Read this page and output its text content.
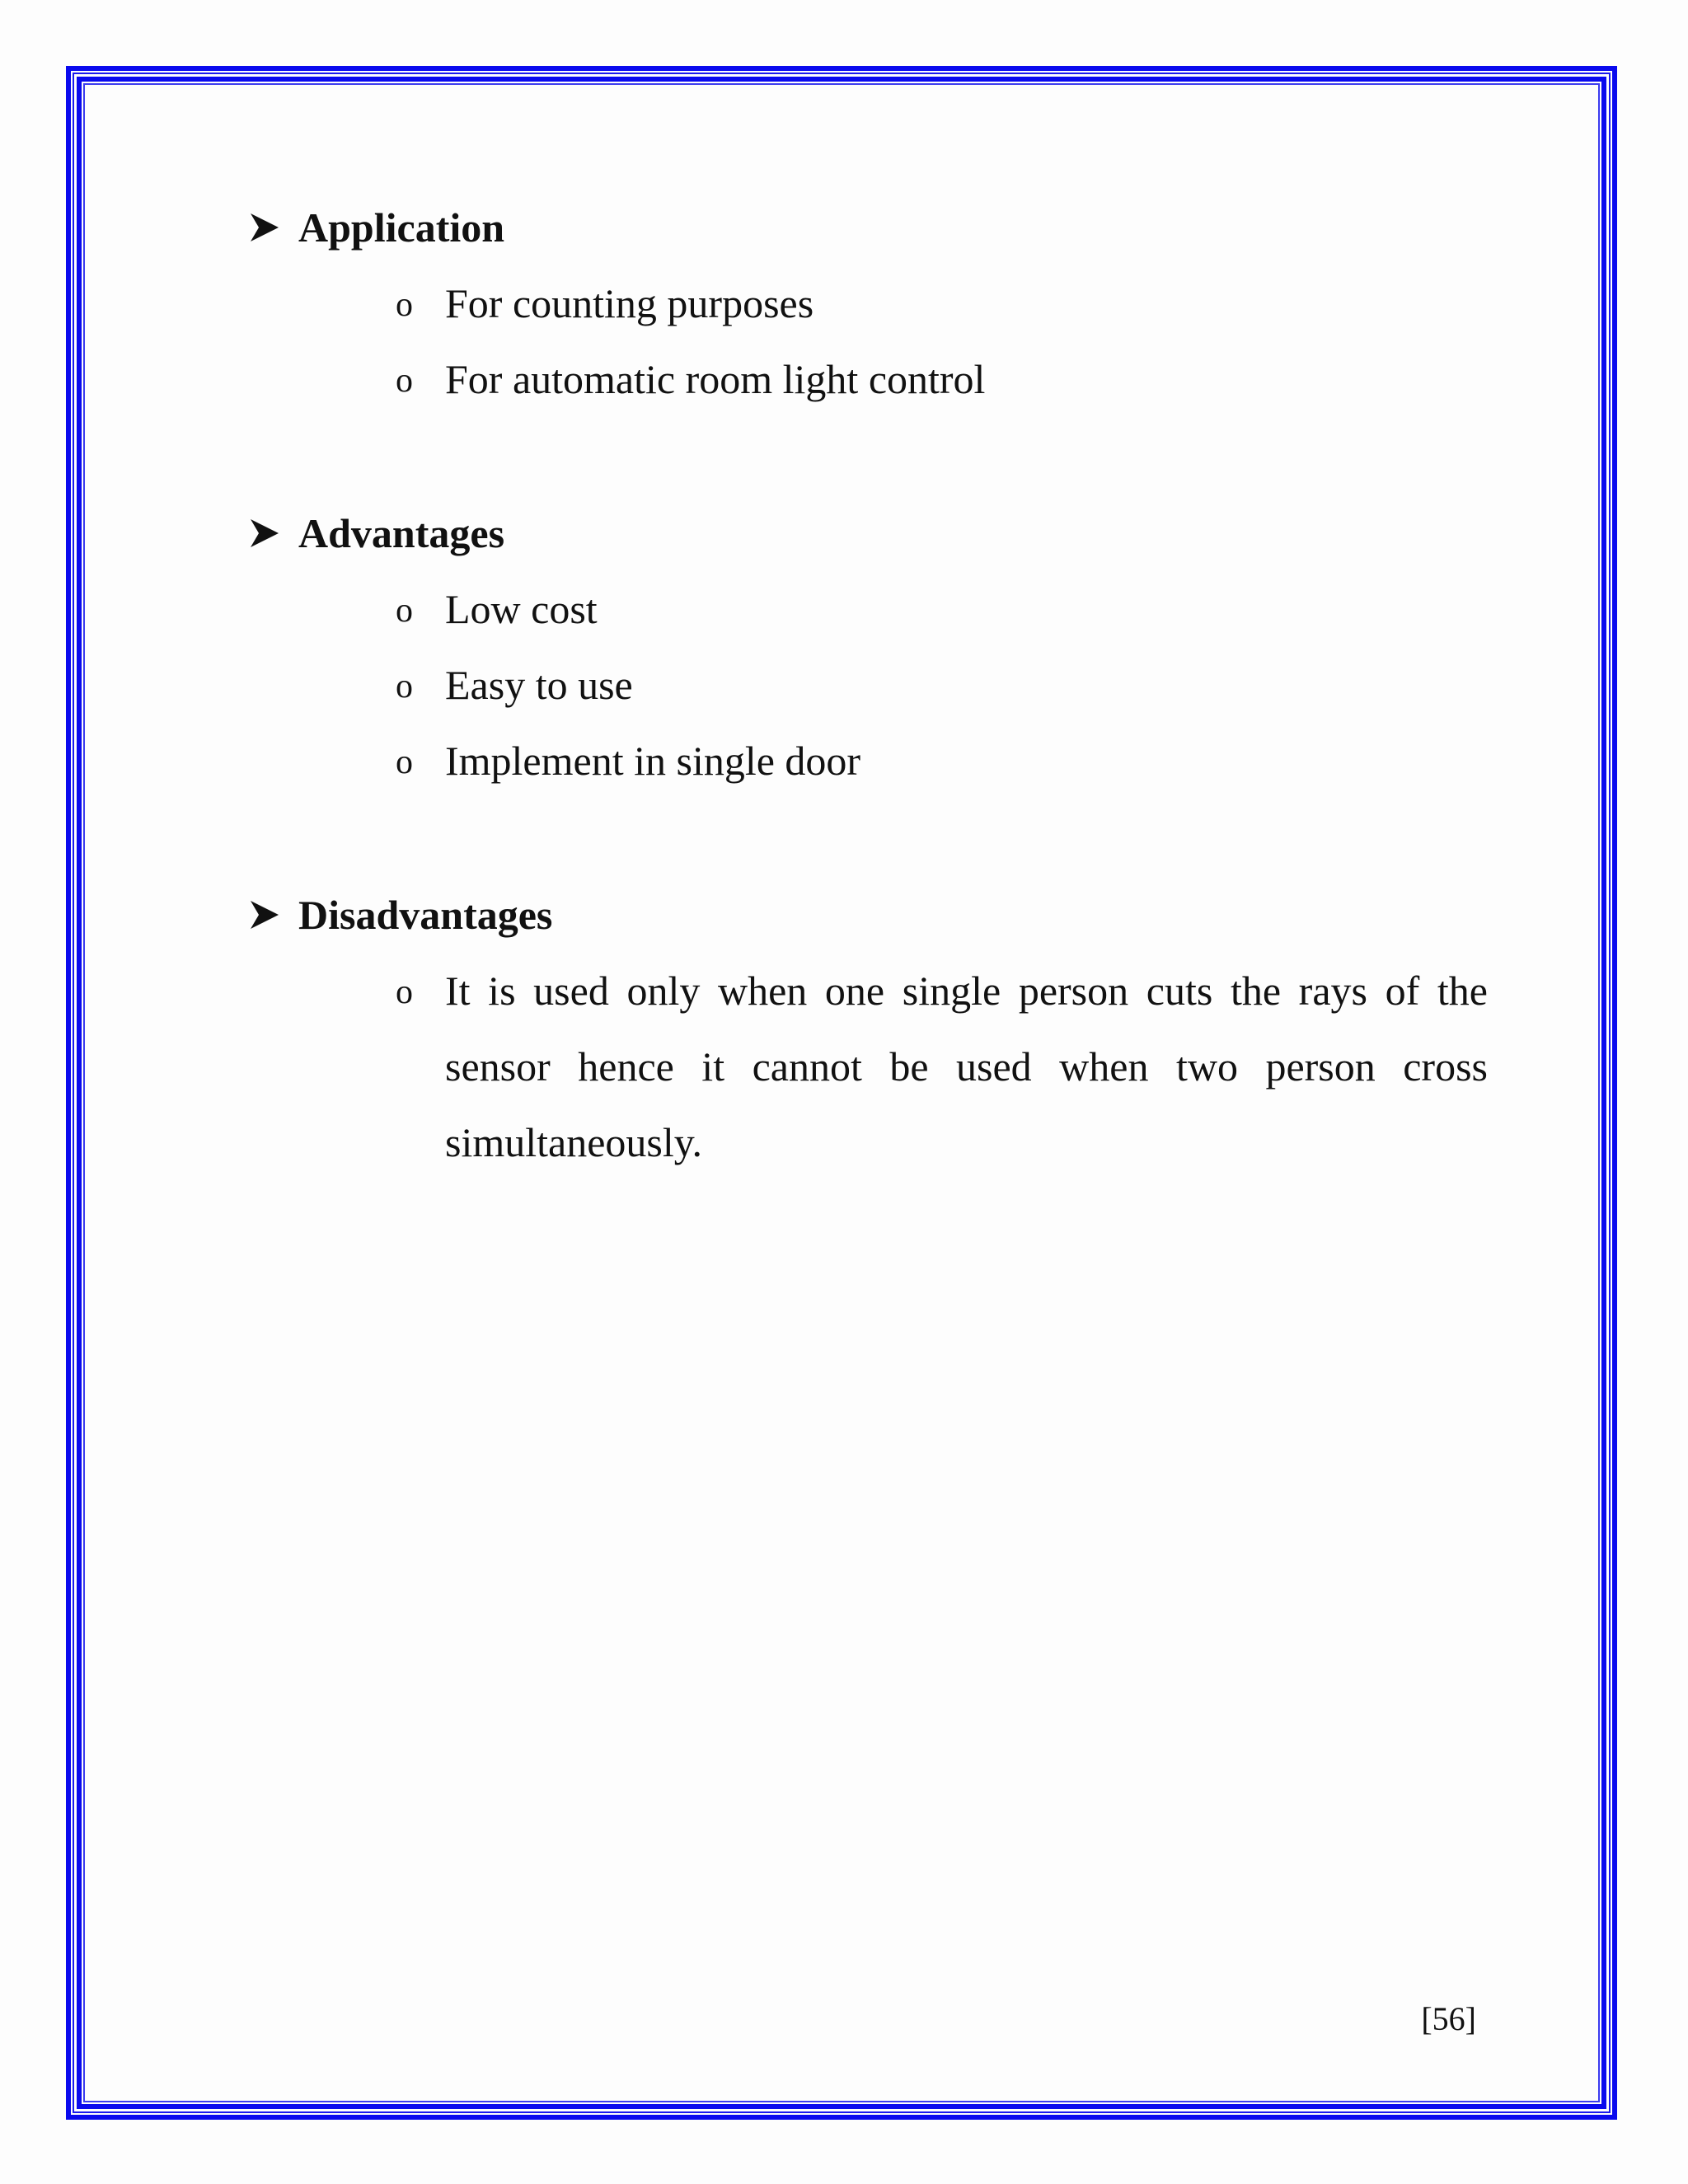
Application
o For counting purposes
o For automatic room light control
Advantages
o Low cost
o Easy to use
o Implement in single door
Disadvantages
o It is used only when one single person cuts the rays of the sensor hence it cannot be used when two person cross simultaneously.
[56]
